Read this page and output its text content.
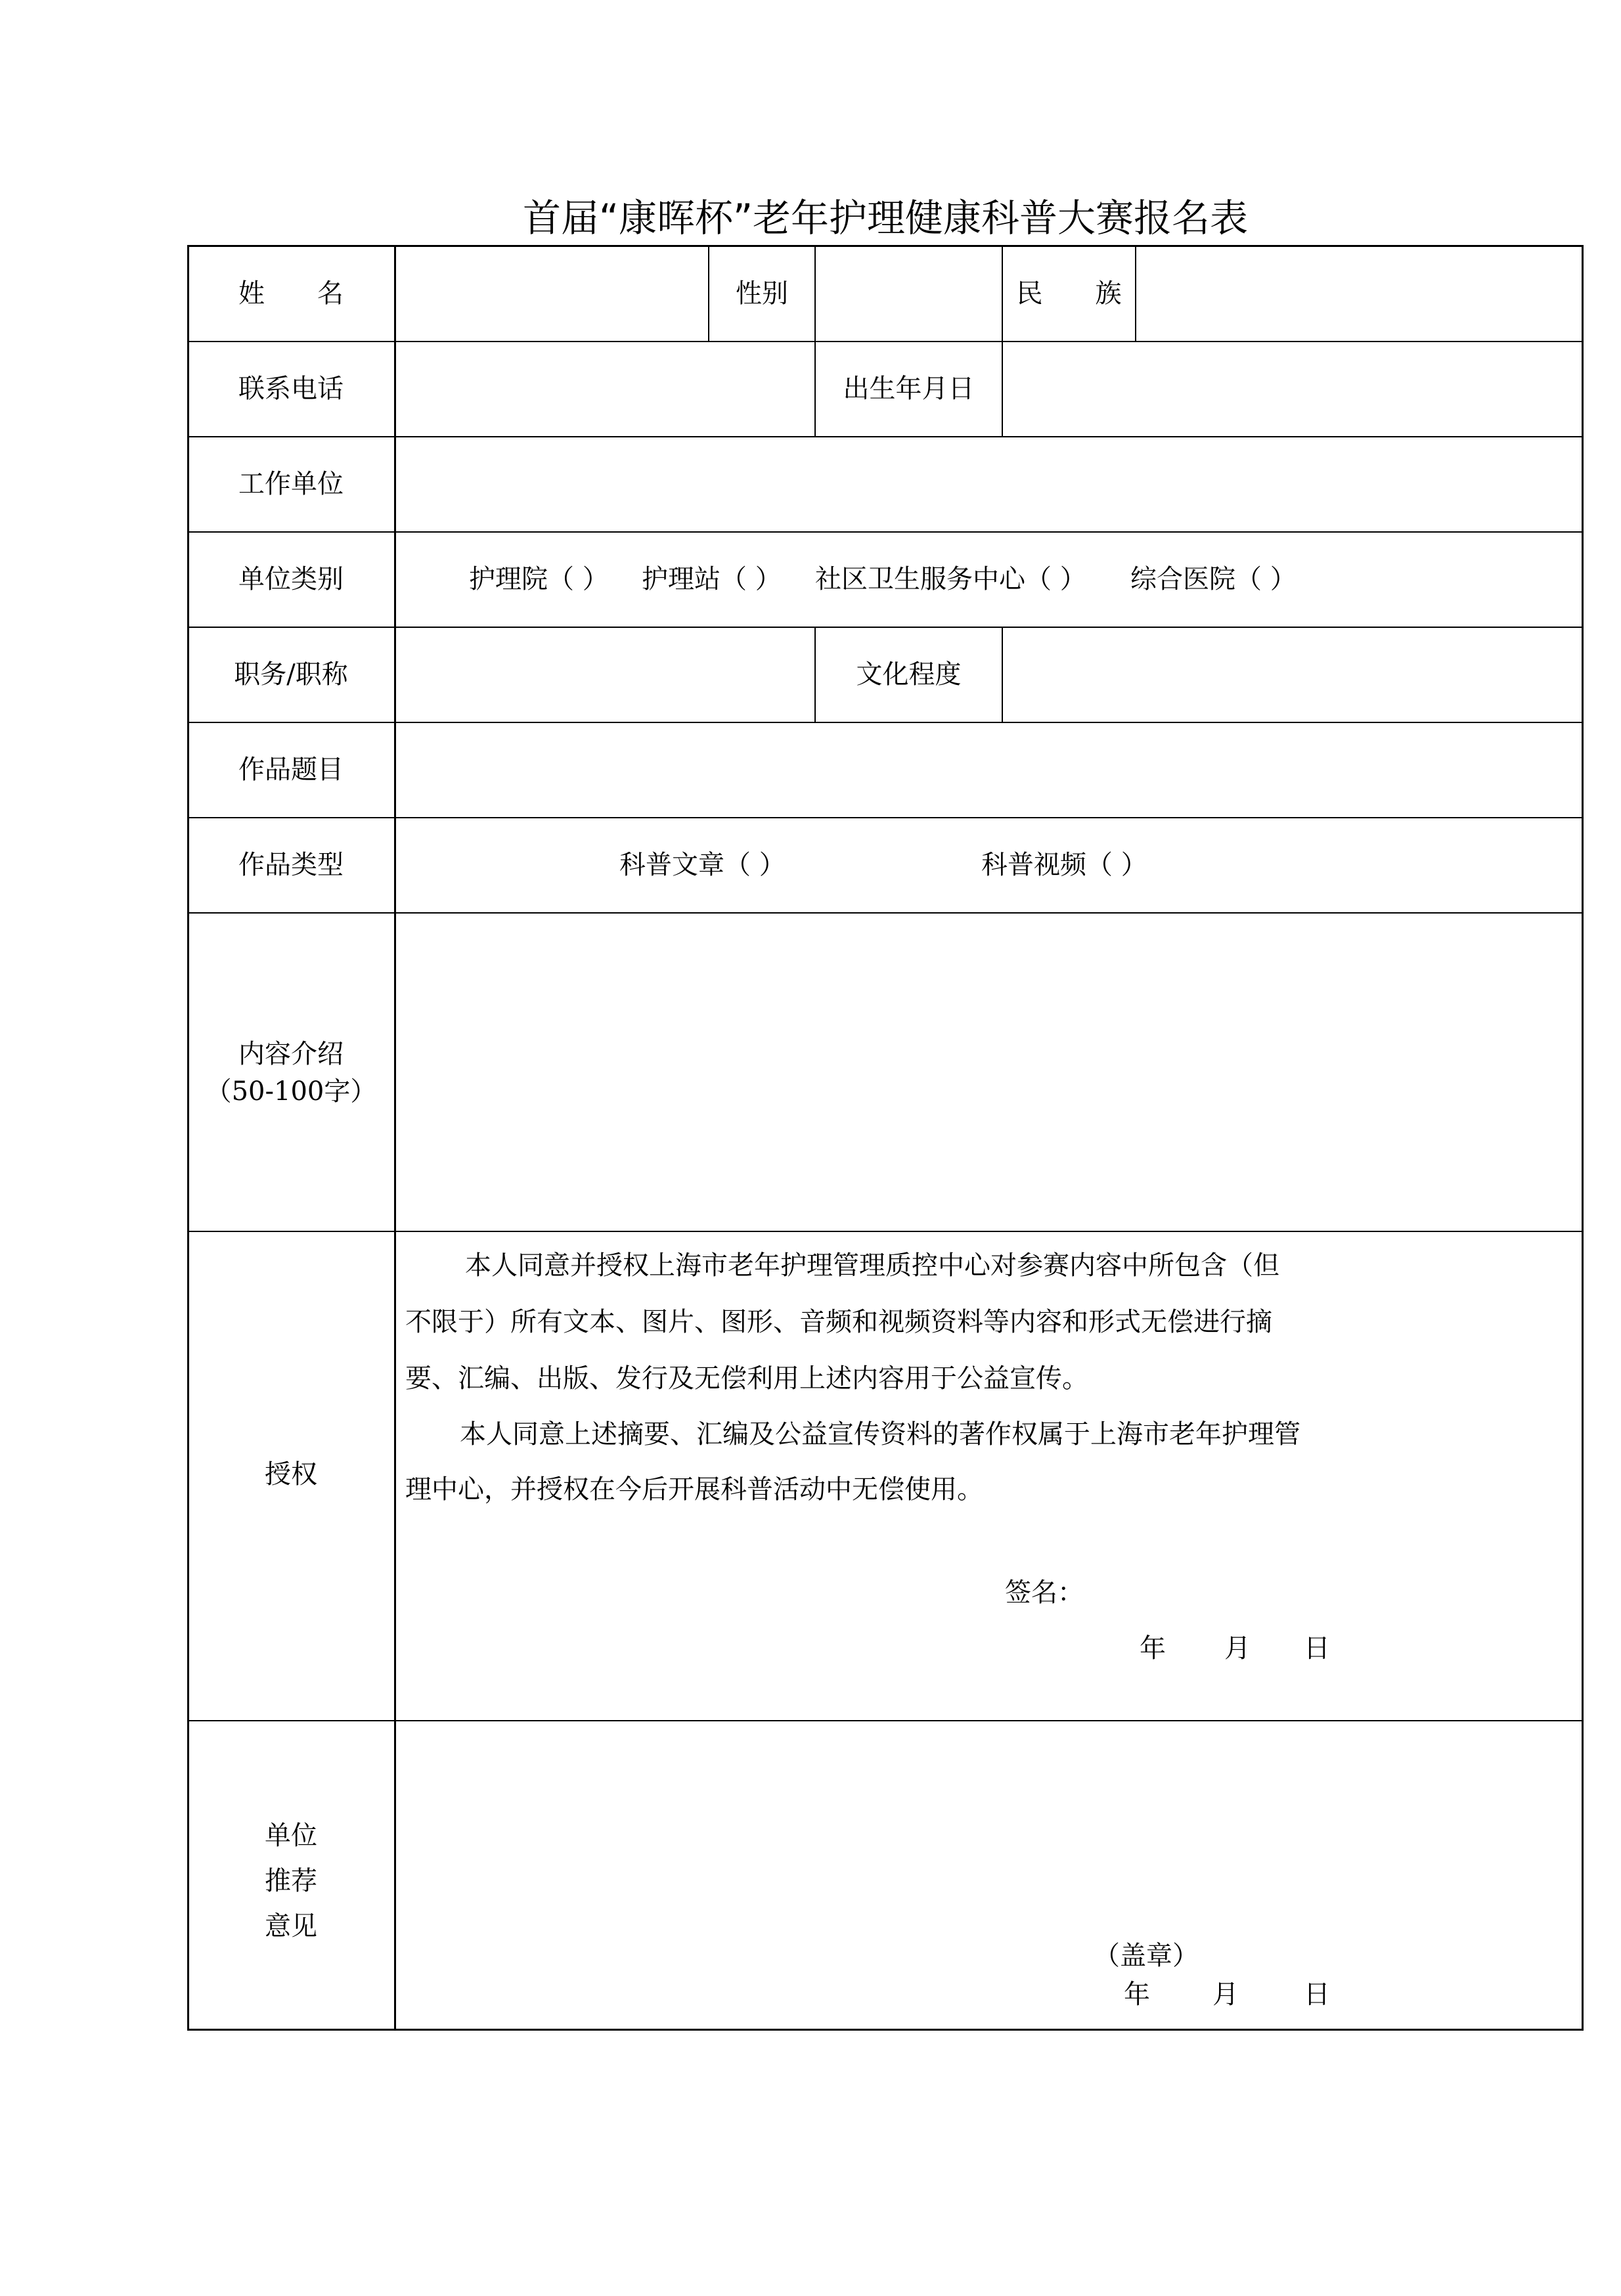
首届“康晖杯”老年护理健康科普大赛报名表
姓　　名	性别	民　　族
联系电话	出生年月日
工作单位
单位类别	护理院（ ） 护理站（ ） 社区卫生服务中心（ ） 综合医院（ ）
职务/职称	文化程度
作品题目
作品类型	科普文章（ ）	科普视频（ ）
内容介绍
（50-100字）
授权
本人同意并授权上海市老年护理管理质控中心对参赛内容中所包含（但
不限于）所有文本、图片、图形、音频和视频资料等内容和形式无偿进行摘
要、汇编、出版、发行及无偿利用上述内容用于公益宣传。
本人同意上述摘要、汇编及公益宣传资料的著作权属于上海市老年护理管
理中心，并授权在今后开展科普活动中无偿使用。
签名：
年 月 日
单位
推荐
意见
（盖章）
年 月 日
